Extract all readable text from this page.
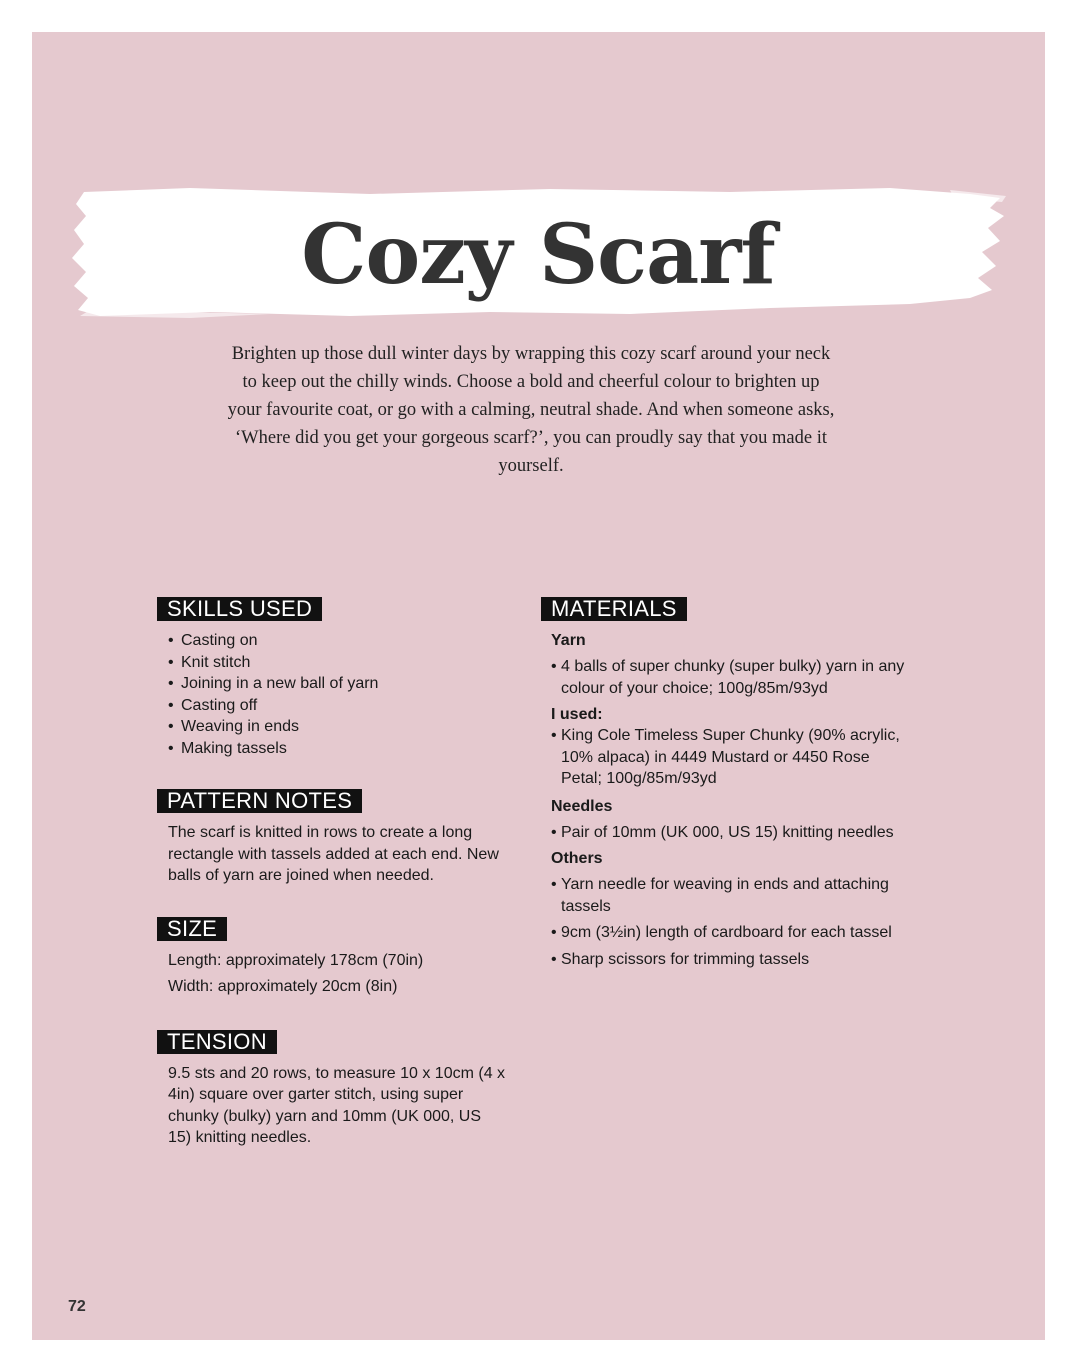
Cozy Scarf
Brighten up those dull winter days by wrapping this cozy scarf around your neck to keep out the chilly winds. Choose a bold and cheerful colour to brighten up your favourite coat, or go with a calming, neutral shade. And when someone asks, ‘Where did you get your gorgeous scarf?’, you can proudly say that you made it yourself.
SKILLS USED
• Casting on
• Knit stitch
• Joining in a new ball of yarn
• Casting off
• Weaving in ends
• Making tassels
PATTERN NOTES

The scarf is knitted in rows to create a long rectangle with tassels added at each end. New balls of yarn are joined when needed.

SIZE

Length: approximately 178cm (70in)

Width: approximately 20cm (8in)

TENSION

9.5 sts and 20 rows, to measure 10 x 10cm (4 x 4in) square over garter stitch, using super chunky (bulky) yarn and 10mm (UK 000, US 15) knitting needles.

MATERIALS

Yarn

• 4 balls of super chunky (super bulky) yarn in any colour of your choice; 100g/85m/93yd

I used:

• King Cole Timeless Super Chunky (90% acrylic, 10% alpaca) in 4449 Mustard or 4450 Rose Petal; 100g/85m/93yd

Needles

• Pair of 10mm (UK 000, US 15) knitting needles

Others

• Yarn needle for weaving in ends and attaching tassels
• 9cm (3½in) length of cardboard for each tassel
• Sharp scissors for trimming tassels
72
